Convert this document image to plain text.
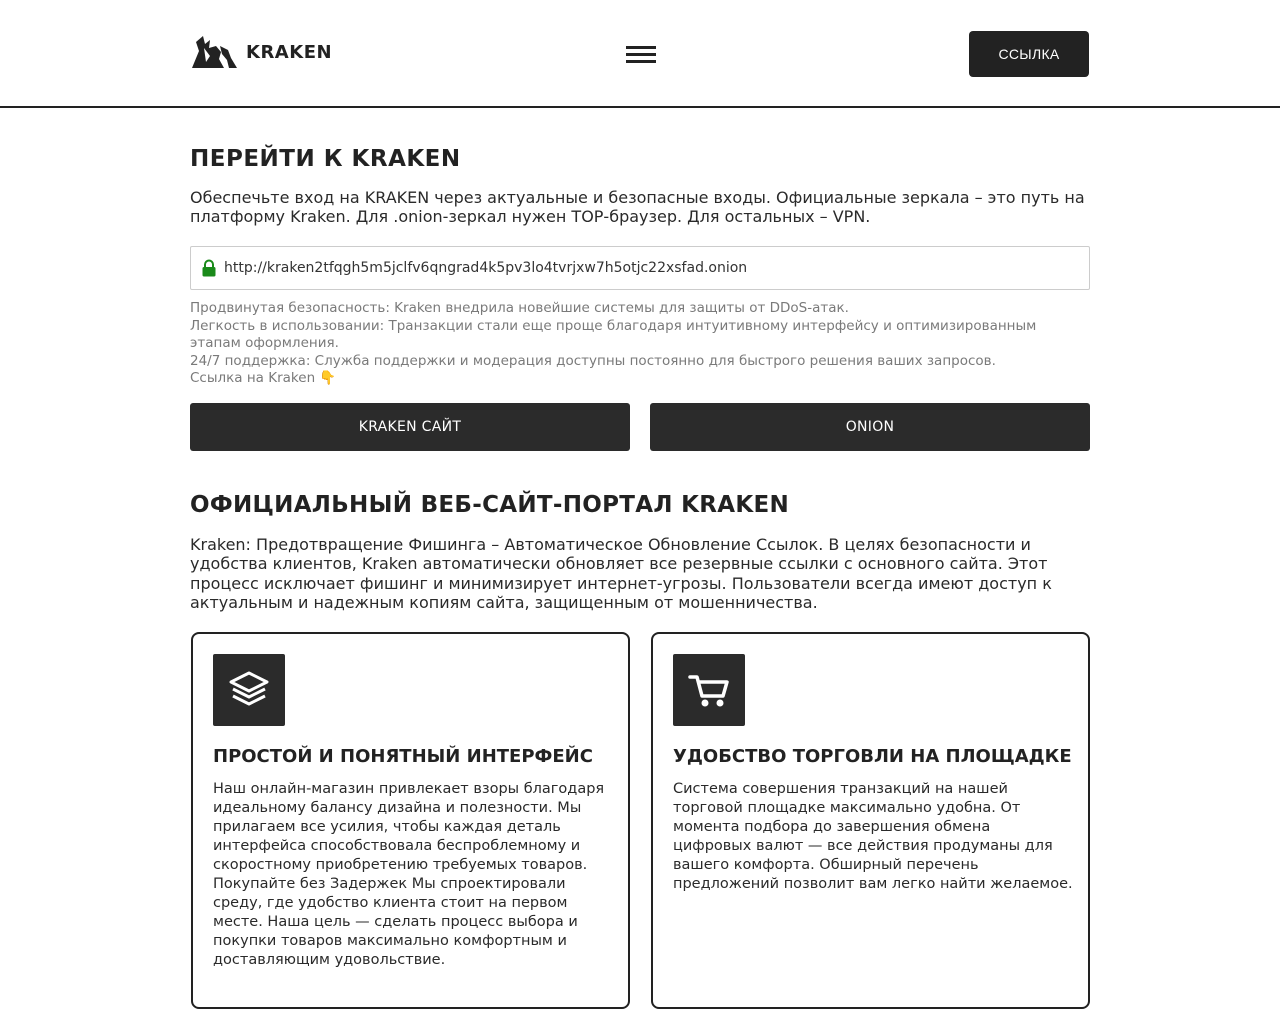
KRAKEN	ССЫЛКА
ПЕРЕЙТИ К KRAKEN

Обеспечьте вход на KRAKEN через актуальные и безопасные входы. Официальные зеркала – это путь на платформу Kraken. Для .onion-зеркал нужен ТОР-браузер. Для остальных – VPN.

http://kraken2tfqgh5m5jclfv6qngrad4k5pv3lo4tvrjxw7h5otjc22xsfad.onion

Продвинутая безопасность: Kraken внедрила новейшие системы для защиты от DDoS-атак.

Легкость в использовании: Транзакции стали еще проще благодаря интуитивному интерфейсу и оптимизированным этапам оформления.

24/7 поддержка: Служба поддержки и модерация доступны постоянно для быстрого решения ваших запросов.

Ссылка на Kraken 👇

KRAKEN САЙТ	ONION
ОФИЦИАЛЬНЫЙ ВЕБ-САЙТ-ПОРТАЛ KRAKEN

Kraken: Предотвращение Фишинга – Автоматическое Обновление Ссылок. В целях безопасности и удобства клиентов, Kraken автоматически обновляет все резервные ссылки с основного сайта. Этот процесс исключает фишинг и минимизирует интернет-угрозы. Пользователи всегда имеют доступ к актуальным и надежным копиям сайта, защищенным от мошенничества.

ПРОСТОЙ И ПОНЯТНЫЙ ИНТЕРФЕЙС

Наш онлайн-магазин привлекает взоры благодаря идеальному балансу дизайна и полезности. Мы прилагаем все усилия, чтобы каждая деталь интерфейса способствовала беспроблемному и скоростному приобретению требуемых товаров. Покупайте без Задержек Мы спроектировали среду, где удобство клиента стоит на первом месте. Наша цель — сделать процесс выбора и покупки товаров максимально комфортным и доставляющим удовольствие.

УДОБСТВО ТОРГОВЛИ НА ПЛОЩАДКЕ

Система совершения транзакций на нашей торговой площадке максимально удобна. От момента подбора до завершения обмена цифровых валют — все действия продуманы для вашего комфорта. Обширный перечень предложений позволит вам легко найти желаемое.
